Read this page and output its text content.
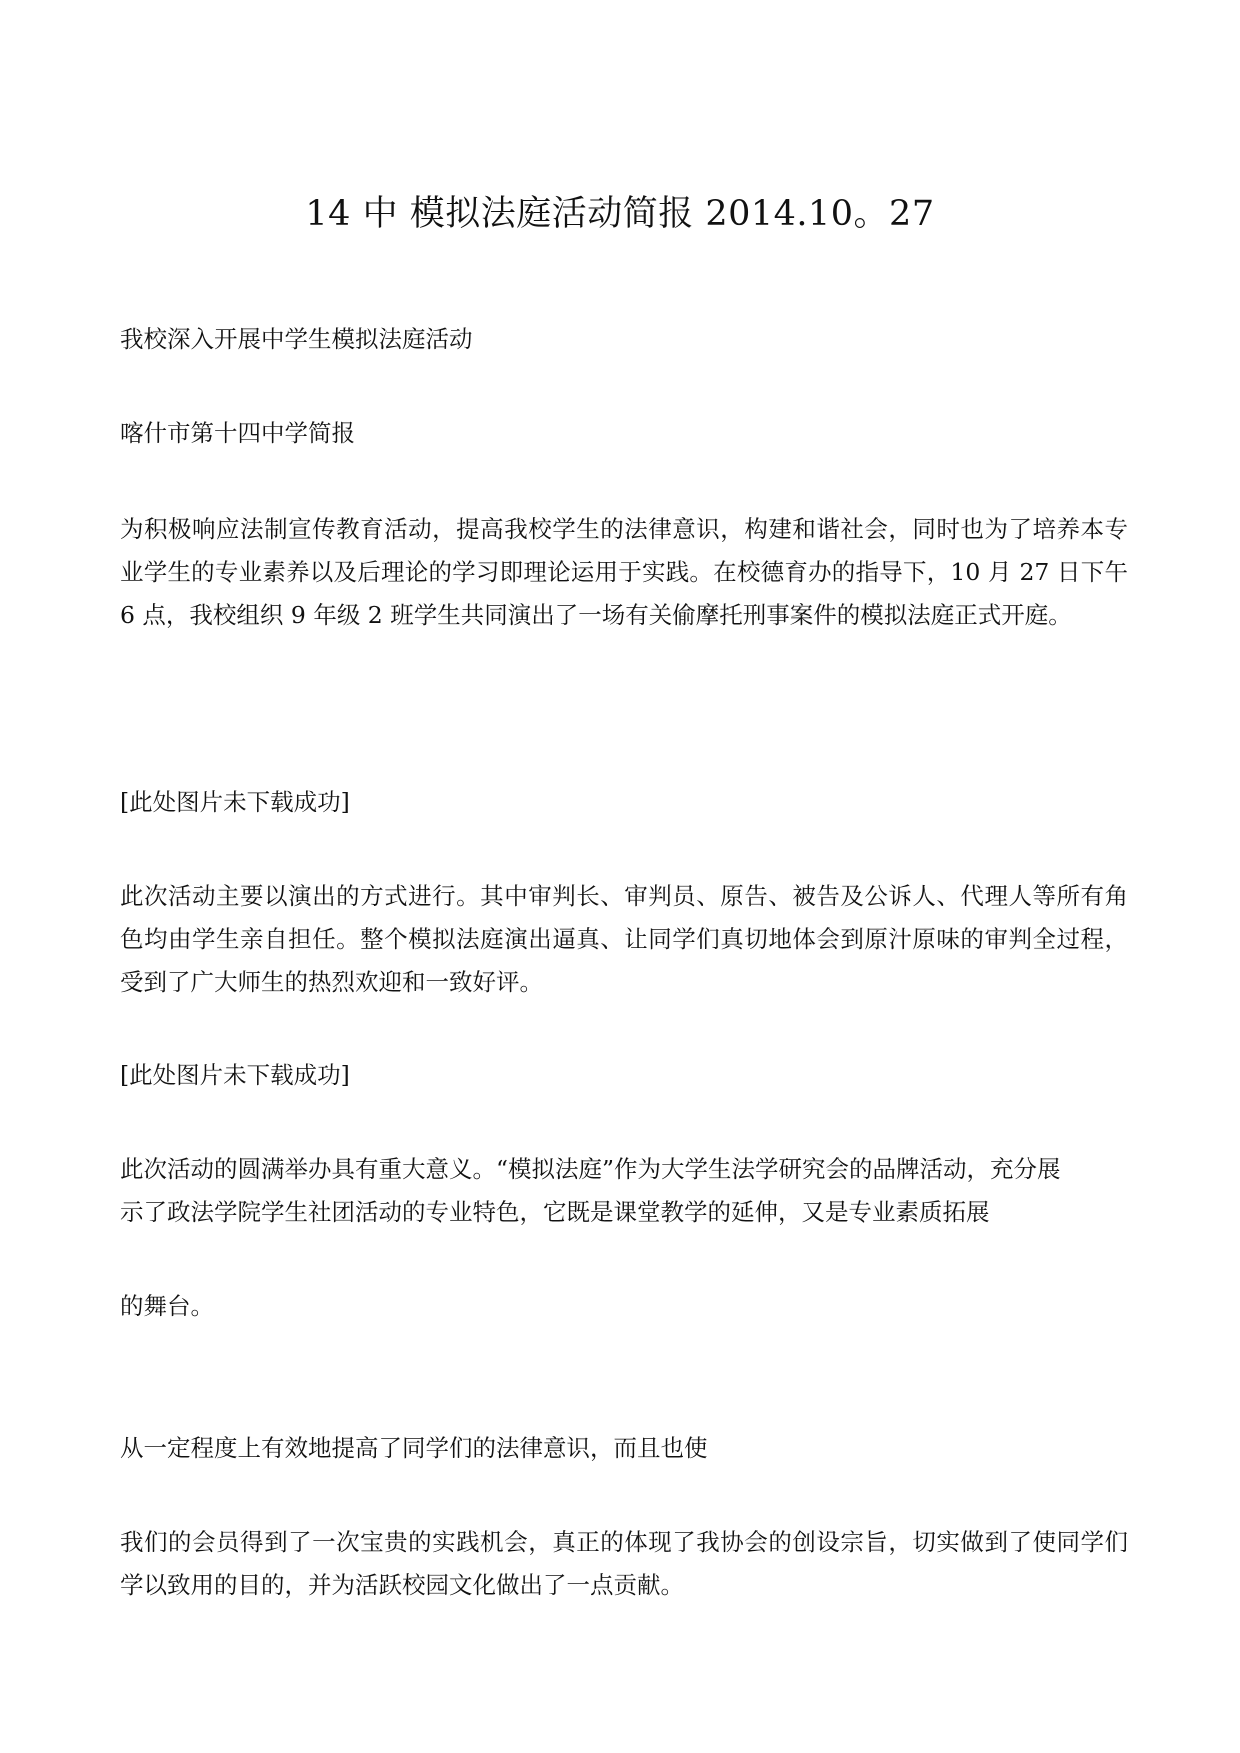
14 中 模拟法庭活动简报 2014.10。27
我校深入开展中学生模拟法庭活动
喀什市第十四中学简报
为积极响应法制宣传教育活动，提高我校学生的法律意识，构建和谐社会，同时也为了培养本专业学生的专业素养以及后理论的学习即理论运用于实践。在校德育办的指导下，10 月 27 日下午 6 点，我校组织 9 年级 2 班学生共同演出了一场有关偷摩托刑事案件的模拟法庭正式开庭。
[此处图片未下载成功]
此次活动主要以演出的方式进行。其中审判长、审判员、原告、被告及公诉人、代理人等所有角色均由学生亲自担任。整个模拟法庭演出逼真、让同学们真切地体会到原汁原味的审判全过程，受到了广大师生的热烈欢迎和一致好评。
[此处图片未下载成功]
此次活动的圆满举办具有重大意义。“模拟法庭”作为大学生法学研究会的品牌活动，充分展
示了政法学院学生社团活动的专业特色，它既是课堂教学的延伸，又是专业素质拓展
的舞台。
从一定程度上有效地提高了同学们的法律意识，而且也使
我们的会员得到了一次宝贵的实践机会，真正的体现了我协会的创设宗旨，切实做到了使同学们学以致用的目的，并为活跃校园文化做出了一点贡献。
